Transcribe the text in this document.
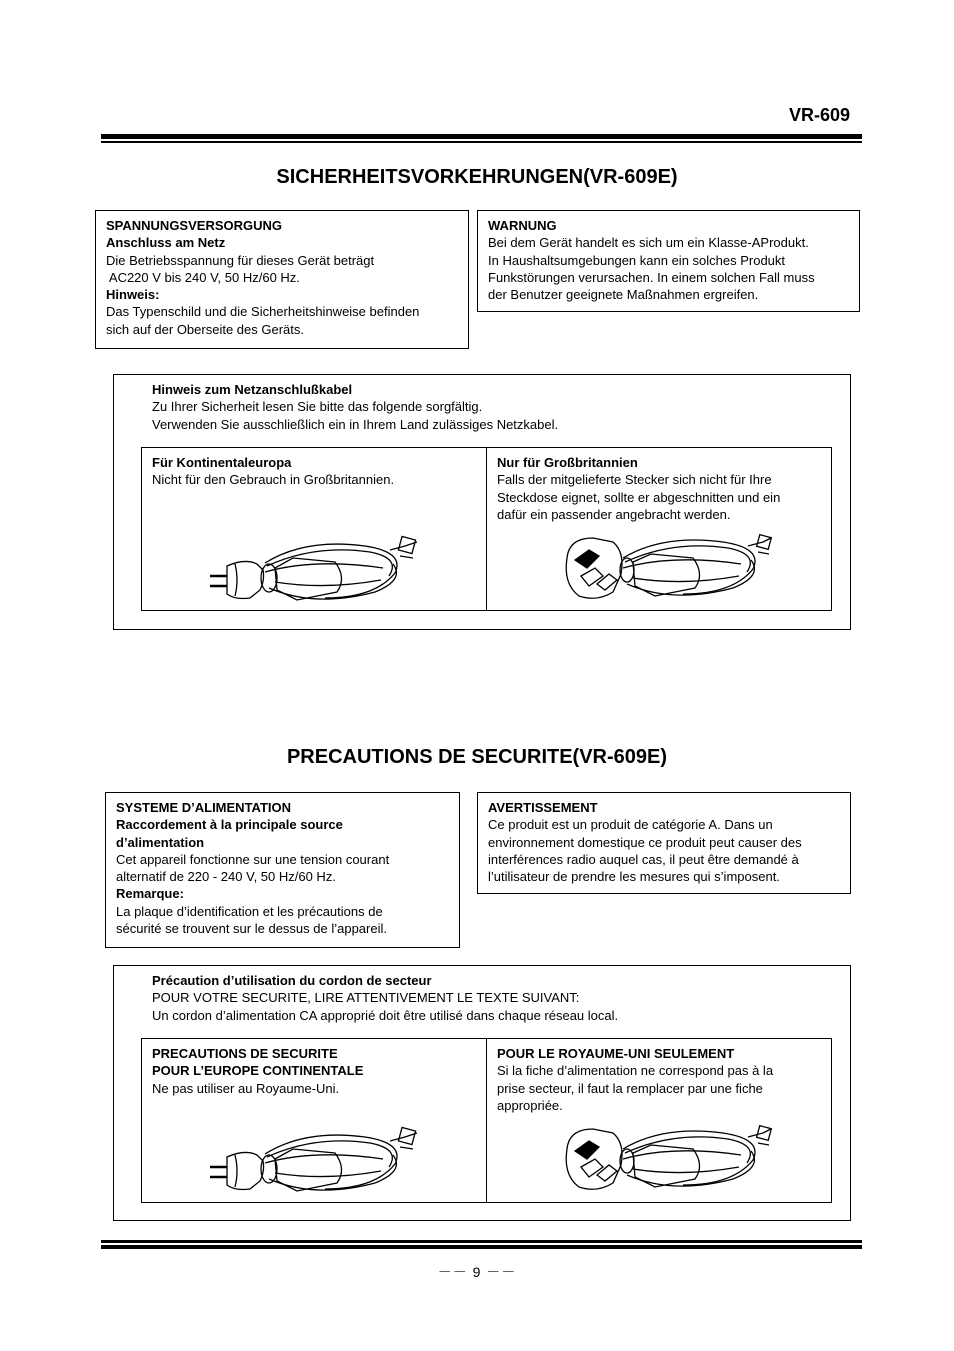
VR-609
SICHERHEITSVORKEHRUNGEN(VR-609E)
SPANNUNGSVERSORGUNG
Anschluss am Netz
Die Betriebsspannung für dieses Gerät beträgt
AC220 V bis 240 V, 50 Hz/60 Hz.
Hinweis:
Das Typenschild und die Sicherheitshinweise befinden
sich auf der Oberseite des Geräts.
WARNUNG
Bei dem Gerät handelt es sich um ein Klasse-AProdukt.
In Haushaltsumgebungen kann ein solches Produkt
Funkstörungen verursachen. In einem solchen Fall muss
der Benutzer geeignete Maßnahmen ergreifen.
Hinweis zum Netzanschlußkabel
Zu Ihrer Sicherheit lesen Sie bitte das folgende sorgfältig.
Verwenden Sie ausschließlich ein in Ihrem Land zulässiges Netzkabel.
Für Kontinentaleuropa
Nicht für den Gebrauch in Großbritannien.
Nur für Großbritannien
Falls der mitgelieferte Stecker sich nicht für Ihre
Steckdose eignet, sollte er abgeschnitten und ein
dafür ein passender angebracht werden.
PRECAUTIONS DE SECURITE(VR-609E)
SYSTEME D’ALIMENTATION
Raccordement à la principale source
d’alimentation
Cet appareil fonctionne sur une tension courant
alternatif de 220 - 240 V, 50 Hz/60 Hz.
Remarque:
La plaque d’identification et les précautions de
sécurité se trouvent sur le dessus de l’appareil.
AVERTISSEMENT
Ce produit est un produit de catégorie A. Dans un
environnement domestique ce produit peut causer des
interférences radio auquel cas, il peut être demandé à
l’utilisateur de prendre les mesures qui s’imposent.
Précaution d’utilisation du cordon de secteur
POUR VOTRE SECURITE, LIRE ATTENTIVEMENT LE TEXTE SUIVANT:
Un cordon d’alimentation CA approprié doit être utilisé dans chaque réseau local.
PRECAUTIONS DE SECURITE
POUR L’EUROPE CONTINENTALE
Ne pas utiliser au Royaume-Uni.
POUR LE ROYAUME-UNI SEULEMENT
Si la fiche d’alimentation ne correspond pas à la
prise secteur, il faut la remplacer par une fiche
appropriée.
－－ 9 －－
